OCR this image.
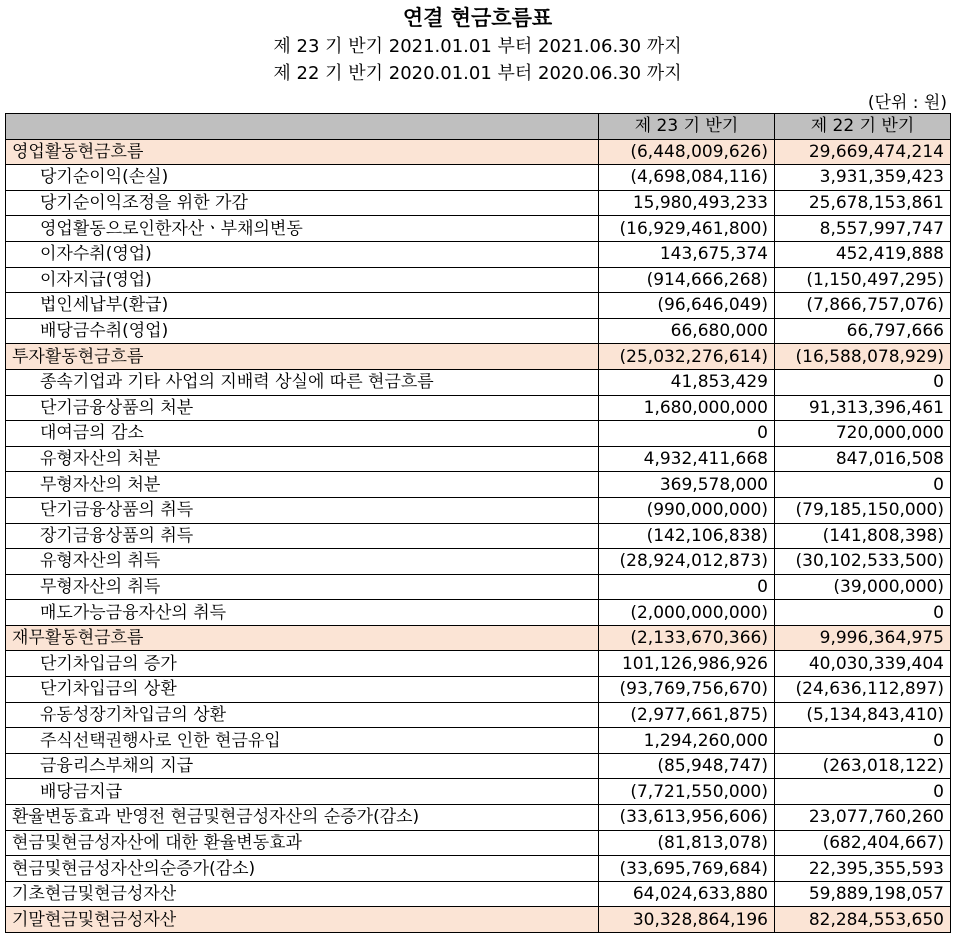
연결 현금흐름표
제 23 기 반기 2021.01.01 부터 2021.06.30 까지
제 22 기 반기 2020.01.01 부터 2020.06.30 까지
(단위 : 원)
	제 23 기 반기	제 22 기 반기
영업활동현금흐름	(6,448,009,626)	29,669,474,214
당기순이익(손실)	(4,698,084,116)	3,931,359,423
당기순이익조정을 위한 가감	15,980,493,233	25,678,153,861
영업활동으로인한자산ㆍ부채의변동	(16,929,461,800)	8,557,997,747
이자수취(영업)	143,675,374	452,419,888
이자지급(영업)	(914,666,268)	(1,150,497,295)
법인세납부(환급)	(96,646,049)	(7,866,757,076)
배당금수취(영업)	66,680,000	66,797,666
투자활동현금흐름	(25,032,276,614)	(16,588,078,929)
종속기업과 기타 사업의 지배력 상실에 따른 현금흐름	41,853,429	0
단기금융상품의 처분	1,680,000,000	91,313,396,461
대여금의 감소	0	720,000,000
유형자산의 처분	4,932,411,668	847,016,508
무형자산의 처분	369,578,000	0
단기금융상품의 취득	(990,000,000)	(79,185,150,000)
장기금융상품의 취득	(142,106,838)	(141,808,398)
유형자산의 취득	(28,924,012,873)	(30,102,533,500)
무형자산의 취득	0	(39,000,000)
매도가능금융자산의 취득	(2,000,000,000)	0
재무활동현금흐름	(2,133,670,366)	9,996,364,975
단기차입금의 증가	101,126,986,926	40,030,339,404
단기차입금의 상환	(93,769,756,670)	(24,636,112,897)
유동성장기차입금의 상환	(2,977,661,875)	(5,134,843,410)
주식선택권행사로 인한 현금유입	1,294,260,000	0
금융리스부채의 지급	(85,948,747)	(263,018,122)
배당금지급	(7,721,550,000)	0
환율변동효과 반영전 현금및현금성자산의 순증가(감소)	(33,613,956,606)	23,077,760,260
현금및현금성자산에 대한 환율변동효과	(81,813,078)	(682,404,667)
현금및현금성자산의순증가(감소)	(33,695,769,684)	22,395,355,593
기초현금및현금성자산	64,024,633,880	59,889,198,057
기말현금및현금성자산	30,328,864,196	82,284,553,650
